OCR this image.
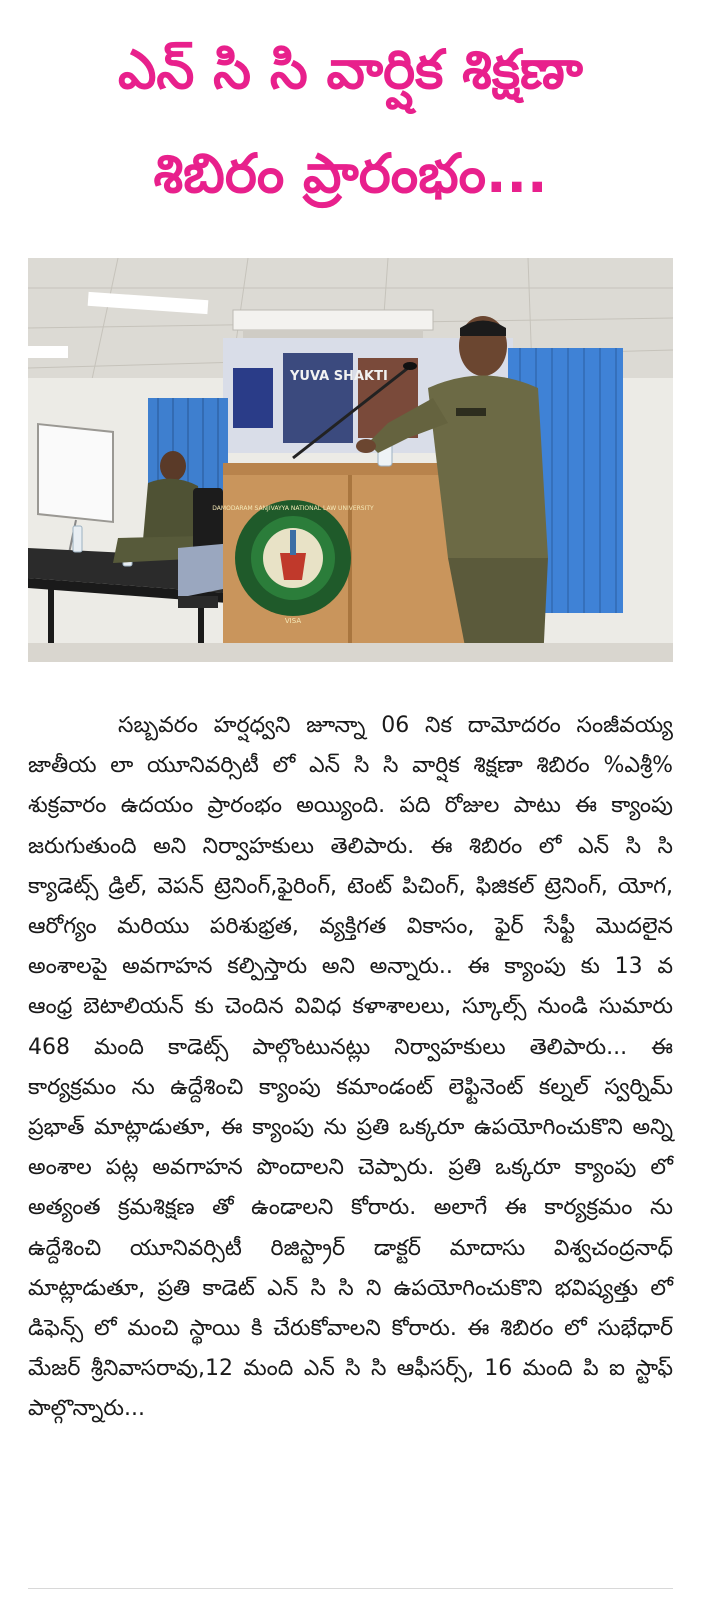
ఎన్ సి సి వార్షిక శిక్షణా
శిబిరం ప్రారంభం...
YUVA SHAKTI
DAMODARAM SANJIVAYYA NATIONAL LAW UNIVERSITY
VISA

సబ్బవరం హర్షధ్వని జూన్నా 06 నిక దామోదరం సంజీవయ్య జాతీయ లా యూనివర్సిటీ లో ఎన్ సి సి వార్షిక శిక్షణా శిబిరం %ఎశ్రీ% శుక్రవారం ఉదయం ప్రారంభం అయ్యింది. పది రోజుల పాటు ఈ క్యాంపు జరుగుతుంది అని నిర్వాహకులు తెలిపారు. ఈ శిబిరం లో ఎన్ సి సి క్యాడెట్స్ డ్రిల్, వెపన్ ట్రెనింగ్,ఫైరింగ్, టెంట్ పిచింగ్, ఫిజికల్ ట్రెనింగ్, యోగ, ఆరోగ్యం మరియు పరిశుభ్రత, వ్యక్తిగత వికాసం, ఫైర్ సేఫ్టీ మొదలైన అంశాలపై అవగాహన కల్పిస్తారు అని అన్నారు.. ఈ క్యాంపు కు 13 వ ఆంధ్ర బెటాలియన్ కు చెందిన వివిధ కళాశాలలు, స్కూల్స్ నుండి సుమారు 468 మంది కాడెట్స్ పాల్గొంటునట్లు నిర్వాహకులు తెలిపారు... ఈ కార్యక్రమం ను ఉద్దేశించి క్యాంపు కమాండంట్ లెఫ్టినెంట్ కల్నల్ స్వర్నిమ్ ప్రభాత్ మాట్లాడుతూ, ఈ క్యాంపు ను ప్రతి ఒక్కరూ ఉపయోగించుకొని అన్ని అంశాల పట్ల అవగాహన పొందాలని చెప్పారు. ప్రతి ఒక్కరూ క్యాంపు లో అత్యంత క్రమశిక్షణ తో ఉండాలని కోరారు. అలాగే ఈ కార్యక్రమం ను ఉద్దేశించి యూనివర్సిటీ రిజిస్ట్రార్ డాక్టర్ మాదాసు విశ్వచంద్రనాధ్ మాట్లాడుతూ, ప్రతి కాడెట్ ఎన్ సి సి ని ఉపయోగించుకొని భవిష్యత్తు లో డిఫెన్స్ లో మంచి స్థాయి కి చేరుకోవాలని కోరారు. ఈ శిబిరం లో సుభేధార్ మేజర్ శ్రీనివాసరావు,12 మంది ఎన్ సి సి ఆఫీసర్స్, 16 మంది పి ఐ స్టాఫ్ పాల్గొన్నారు...
